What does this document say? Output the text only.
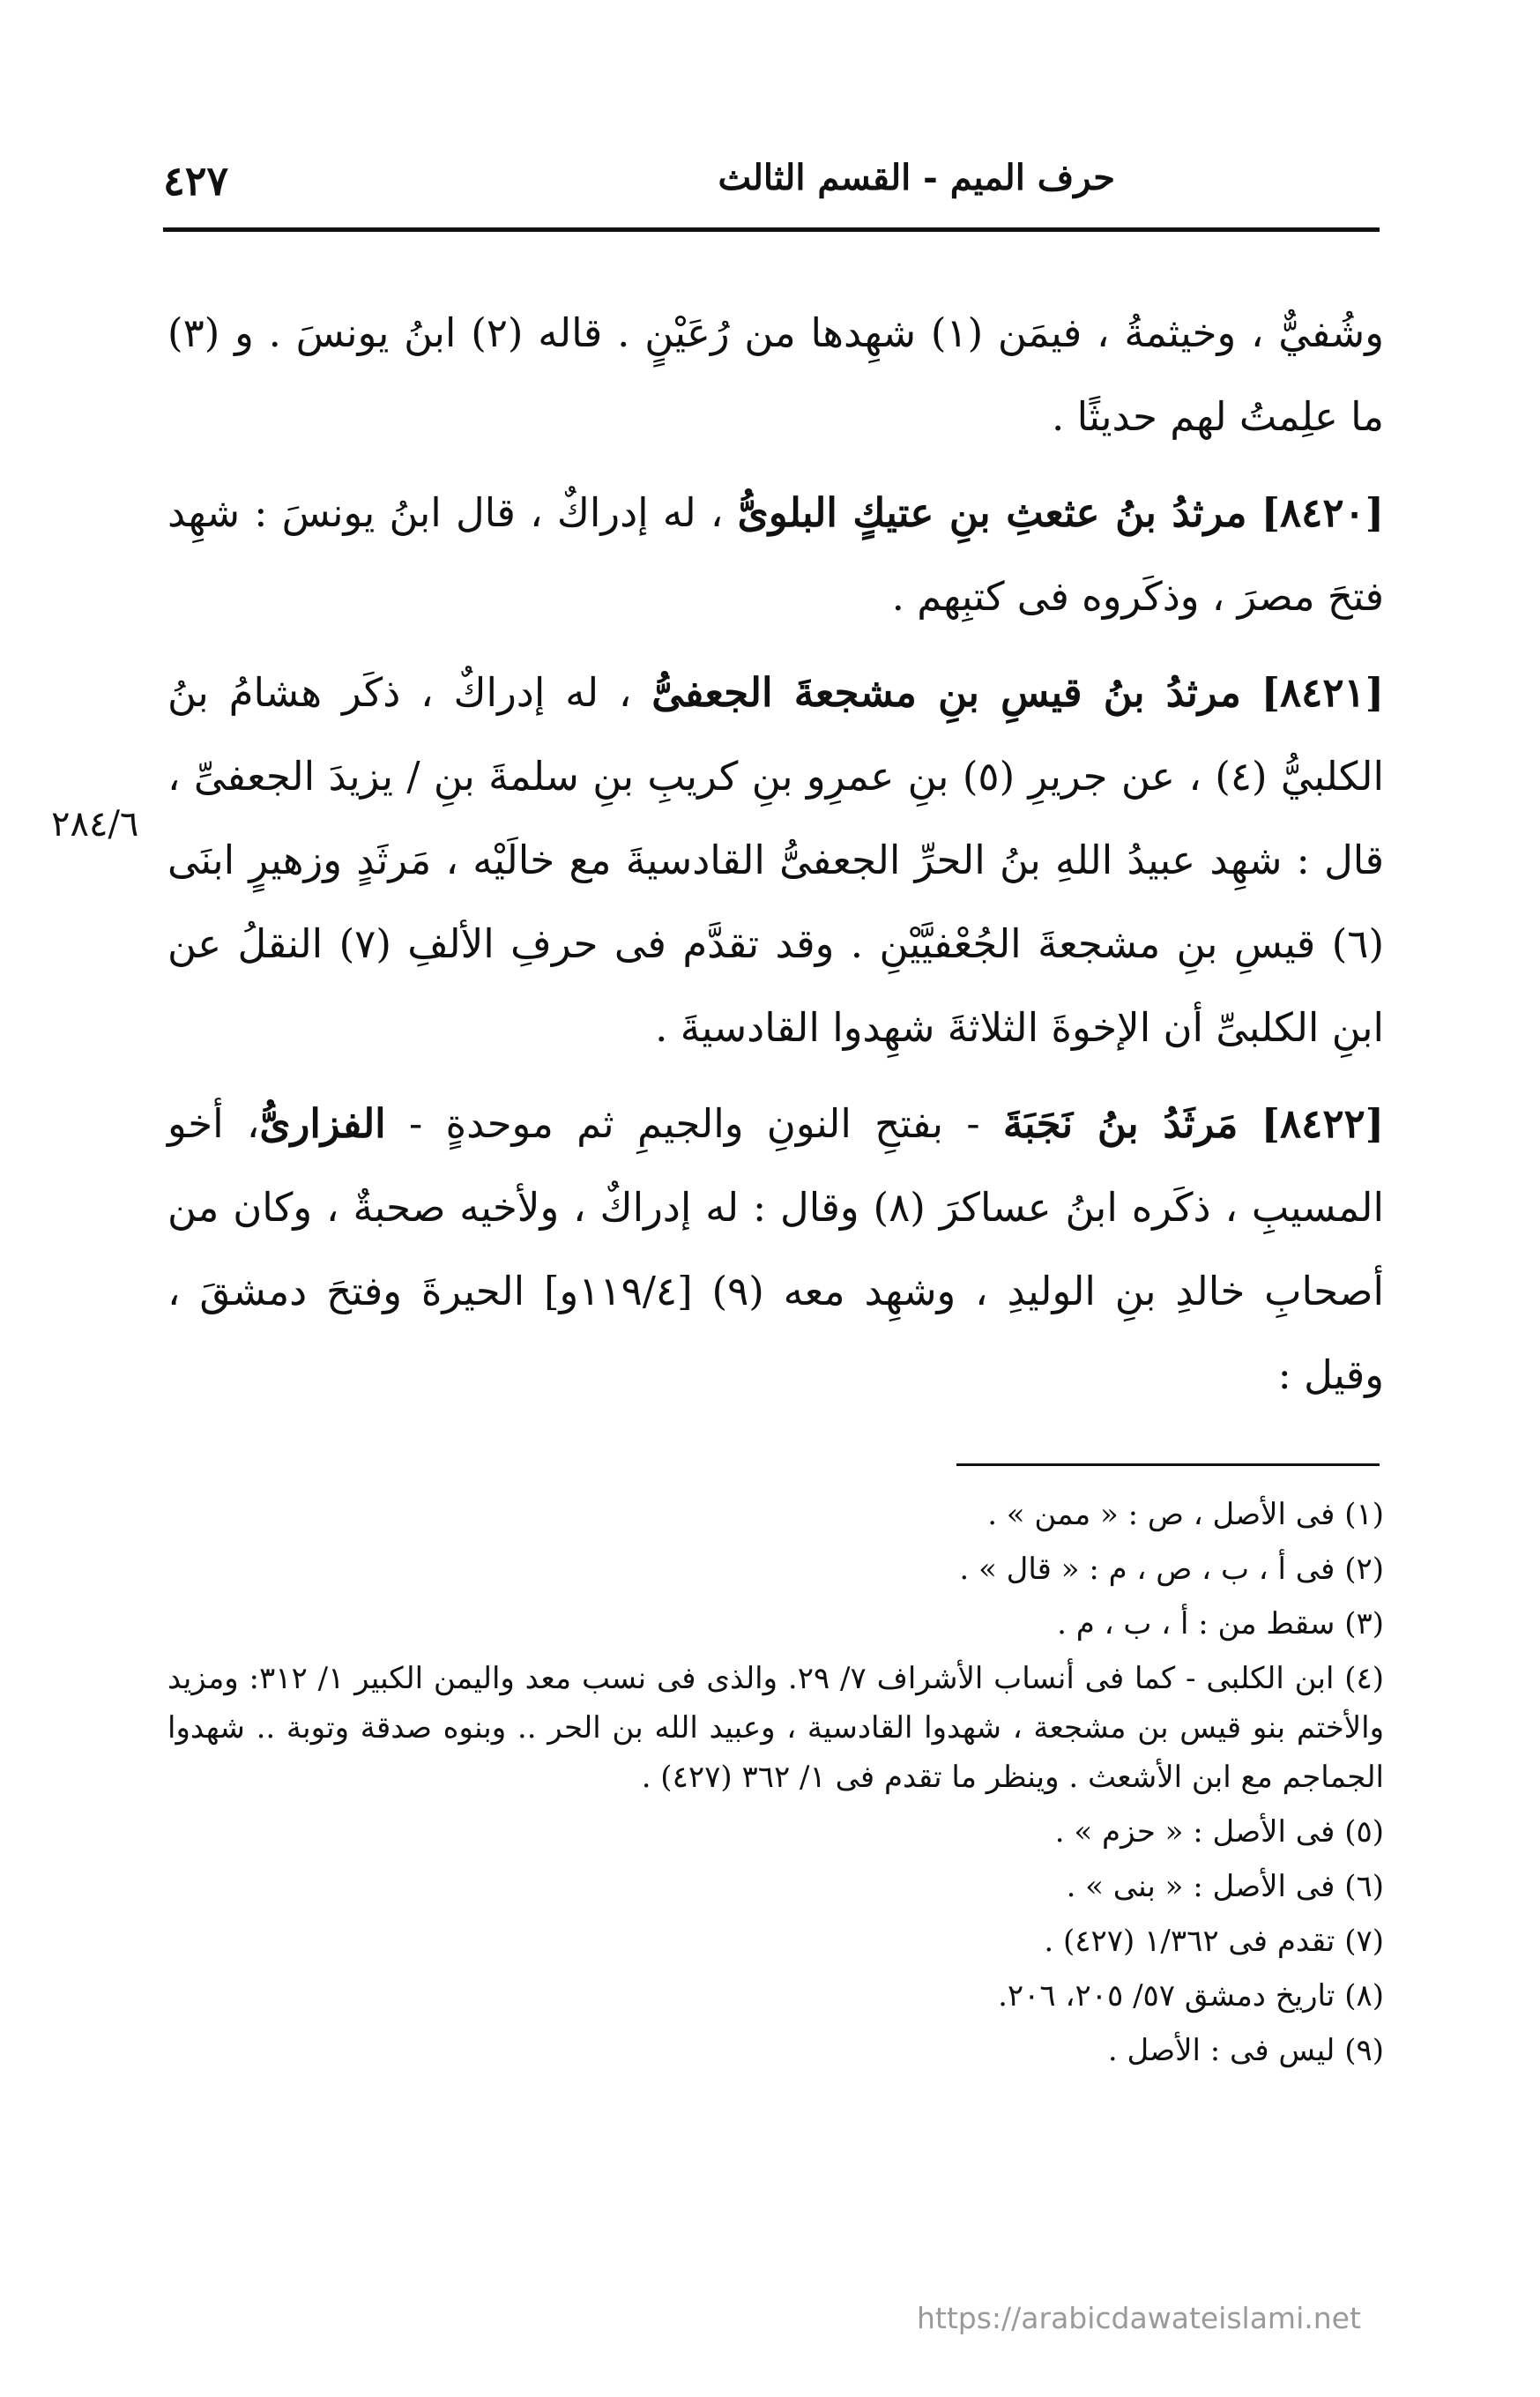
٤٢٧	حرف الميم - القسم الثالث
٢٨٤/٦

وشُفيٌّ ، وخيثمةُ ، فيمَن (١) شهِدها من رُعَيْنٍ . قاله (٢) ابنُ يونسَ . و (٣) ما علِمتُ لهم حديثًا .

[٨٤٢٠] مرثدُ بنُ عثعثِ بنِ عتيكٍ البلوىُّ ، له إدراكٌ ، قال ابنُ يونسَ : شهِد فتحَ مصرَ ، وذكَروه فى كتبِهم .

[٨٤٢١] مرثدُ بنُ قيسِ بنِ مشجعةَ الجعفىُّ ، له إدراكٌ ، ذكَر هشامُ بنُ الكلبيُّ (٤) ، عن جريرِ (٥) بنِ عمرِو بنِ كريبِ بنِ سلمةَ بنِ / يزيدَ الجعفىِّ ، قال : شهِد عبيدُ اللهِ بنُ الحرِّ الجعفىُّ القادسيةَ مع خالَيْه ، مَرثَدٍ وزهيرٍ ابنَى (٦) قيسِ بنِ مشجعةَ الجُعْفيَّيْنِ . وقد تقدَّم فى حرفِ الألفِ (٧) النقلُ عن ابنِ الكلبىِّ أن الإخوةَ الثلاثةَ شهِدوا القادسيةَ .

[٨٤٢٢] مَرثَدُ بنُ نَجَبَةَ - بفتحِ النونِ والجيمِ ثم موحدةٍ - الفزارىُّ، أخو المسيبِ ، ذكَره ابنُ عساكرَ (٨) وقال : له إدراكٌ ، ولأخيه صحبةٌ ، وكان من أصحابِ خالدِ بنِ الوليدِ ، وشهِد معه (٩) [١١٩/٤و] الحيرةَ وفتحَ دمشقَ ، وقيل :

(١) فى الأصل ، ص : « ممن » .
(٢) فى أ ، ب ، ص ، م : « قال » .
(٣) سقط من : أ ، ب ، م .
(٤) ابن الكلبى - كما فى أنساب الأشراف ٧/ ٢٩. والذى فى نسب معد واليمن الكبير ١/ ٣١٢: ومزيد والأختم بنو قيس بن مشجعة ، شهدوا القادسية ، وعبيد الله بن الحر .. وبنوه صدقة وتوبة .. شهدوا الجماجم مع ابن الأشعث . وينظر ما تقدم فى ١/ ٣٦٢ (٤٢٧) .
(٥) فى الأصل : « حزم » .
(٦) فى الأصل : « بنى » .
(٧) تقدم فى ١/٣٦٢ (٤٢٧) .
(٨) تاريخ دمشق ٥٧/ ٢٠٥، ٢٠٦.
(٩) ليس فى : الأصل .
https://arabicdawateislami.net
